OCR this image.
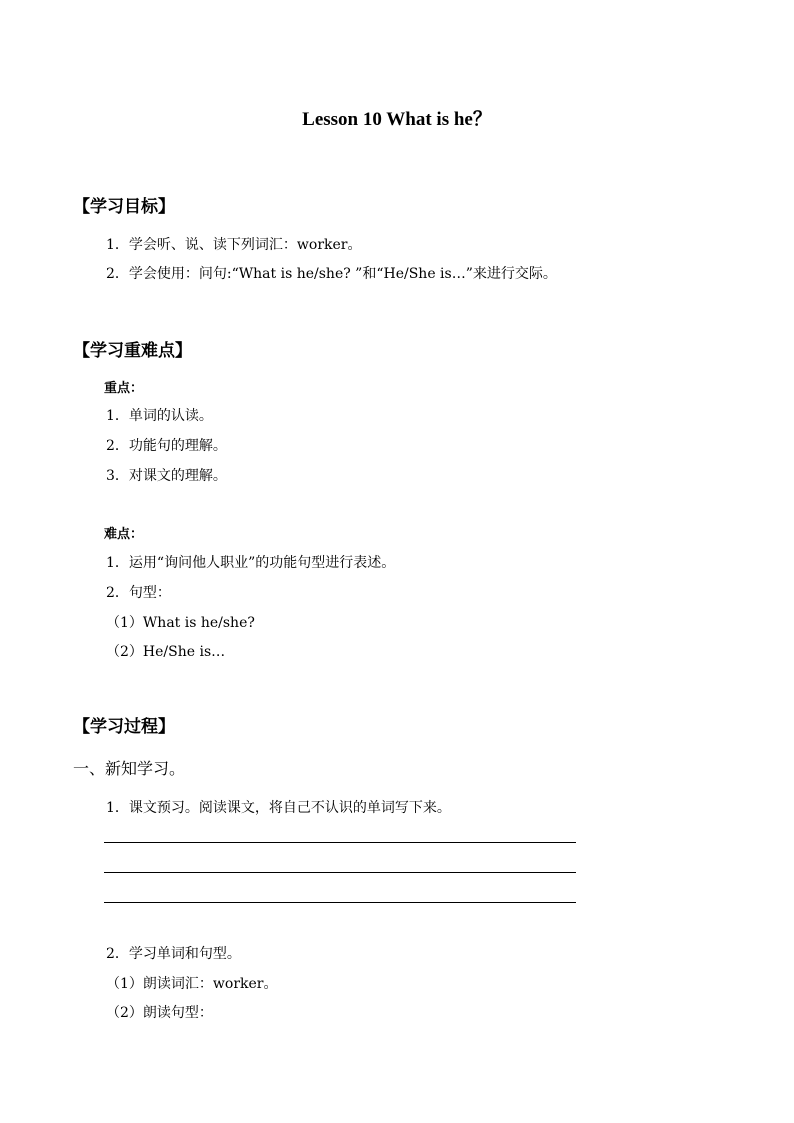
Lesson 10 What is he？
【学习目标】
1．学会听、说、读下列词汇：worker。
2．学会使用：问句:“What is he/she? ”和“He/She is…”来进行交际。
【学习重难点】
重点：
1．单词的认读。
2．功能句的理解。
3．对课文的理解。
难点：
1．运用“询问他人职业”的功能句型进行表述。
2．句型：
（1）What is he/she?
（2）He/She is…
【学习过程】
一、新知学习。
1．课文预习。阅读课文，将自己不认识的单词写下来。
2．学习单词和句型。
（1）朗读词汇：worker。
（2）朗读句型：
